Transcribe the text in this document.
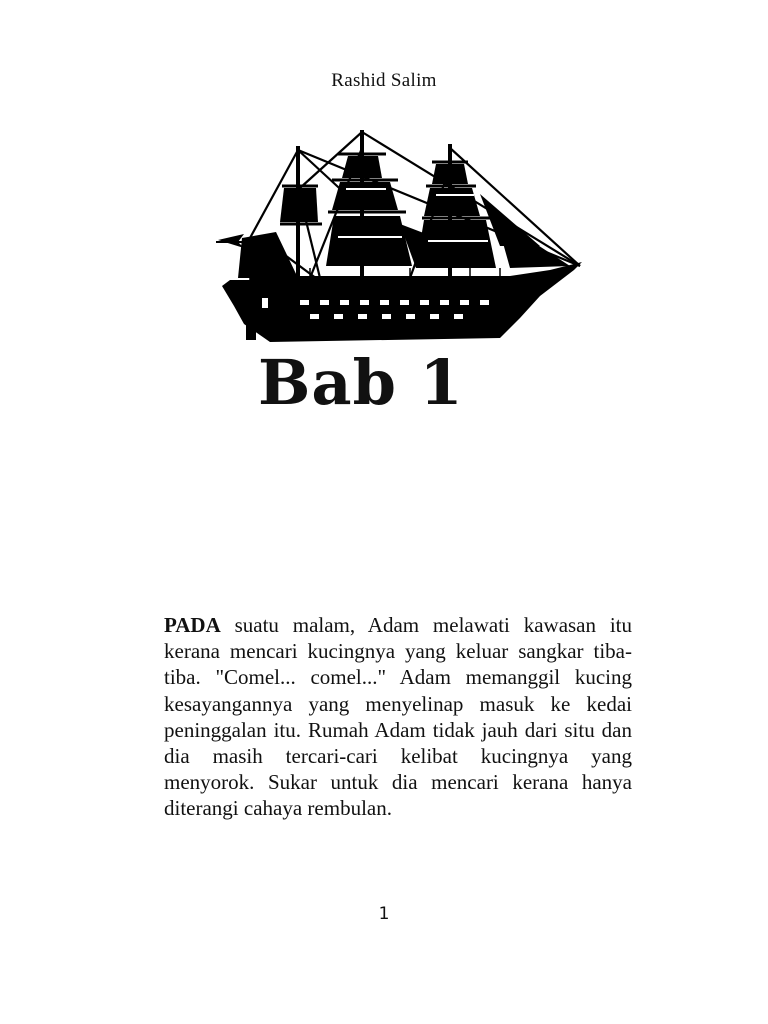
Rashid Salim
Bab 1
PADA suatu malam, Adam melawati kawasan itu kerana mencari kucingnya yang keluar sangkar tiba-tiba. "Comel... comel..." Adam memanggil kucing kesayangannya yang menyelinap masuk ke kedai peninggalan itu. Rumah Adam tidak jauh dari situ dan dia masih tercari-cari kelibat kucingnya yang menyorok. Sukar untuk dia mencari kerana hanya diterangi cahaya rembulan.
1
